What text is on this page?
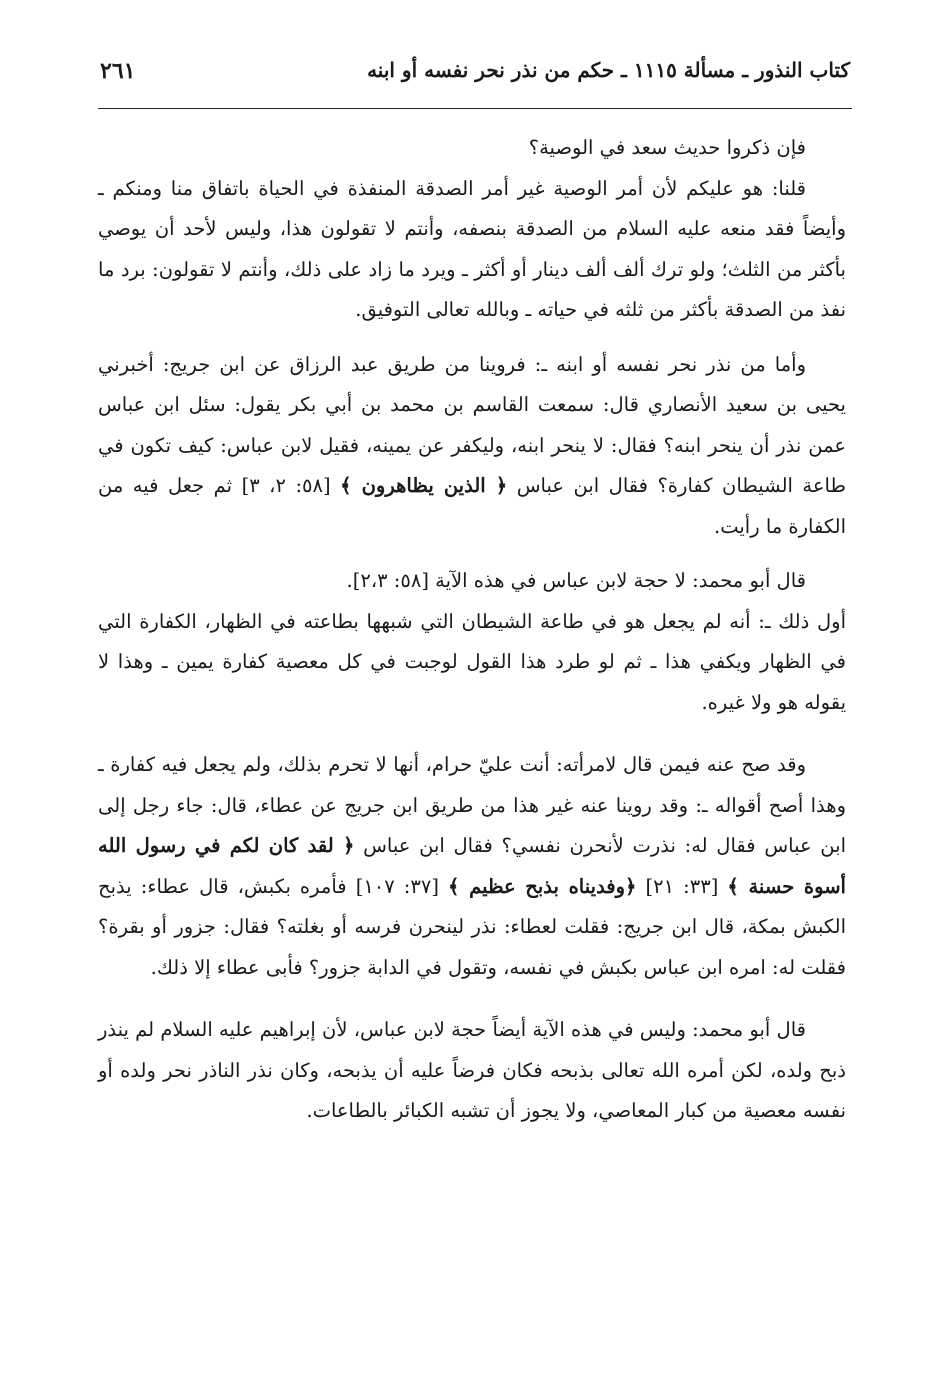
كتاب النذور ـ مسألة ١١١٥ ـ حكم من نذر نحر نفسه أو ابنه
٢٦١

فإن ذكروا حديث سعد في الوصية؟

قلنا: هو عليكم لأن أمر الوصية غير أمر الصدقة المنفذة في الحياة باتفاق منا ومنكم ـ وأيضاً فقد منعه عليه السلام من الصدقة بنصفه، وأنتم لا تقولون هذا، وليس لأحد أن يوصي بأكثر من الثلث؛ ولو ترك ألف ألف دينار أو أكثر ـ ويرد ما زاد على ذلك، وأنتم لا تقولون: برد ما نفذ من الصدقة بأكثر من ثلثه في حياته ـ وبالله تعالى التوفيق.

وأما من نذر نحر نفسه أو ابنه ـ: فروينا من طريق عبد الرزاق عن ابن جريج: أخبرني يحيى بن سعيد الأنصاري قال: سمعت القاسم بن محمد بن أبي بكر يقول: سئل ابن عباس عمن نذر أن ينحر ابنه؟ فقال: لا ينحر ابنه، وليكفر عن يمينه، فقيل لابن عباس: كيف تكون في طاعة الشيطان كفارة؟ فقال ابن عباس ﴿ الذين يظاهرون ﴾ [٥٨: ٢، ٣] ثم جعل فيه من الكفارة ما رأيت.

قال أبو محمد: لا حجة لابن عباس في هذه الآية [٥٨: ٢،٣].

أول ذلك ـ: أنه لم يجعل هو في طاعة الشيطان التي شبهها بطاعته في الظهار، الكفارة التي في الظهار ويكفي هذا ـ ثم لو طرد هذا القول لوجبت في كل معصية كفارة يمين ـ وهذا لا يقوله هو ولا غيره.

وقد صح عنه فيمن قال لامرأته: أنت عليّ حرام، أنها لا تحرم بذلك، ولم يجعل فيه كفارة ـ وهذا أصح أقواله ـ: وقد روينا عنه غير هذا من طريق ابن جريج عن عطاء، قال: جاء رجل إلى ابن عباس فقال له: نذرت لأنحرن نفسي؟ فقال ابن عباس ﴿ لقد كان لكم في رسول الله أسوة حسنة ﴾ [٣٣: ٢١] ﴿وفديناه بذبح عظيم ﴾ [٣٧: ١٠٧] فأمره بكبش، قال عطاء: يذبح الكبش بمكة، قال ابن جريج: فقلت لعطاء: نذر لينحرن فرسه أو بغلته؟ فقال: جزور أو بقرة؟ فقلت له: امره ابن عباس بكبش في نفسه، وتقول في الدابة جزور؟ فأبى عطاء إلا ذلك.

قال أبو محمد: وليس في هذه الآية أيضاً حجة لابن عباس، لأن إبراهيم عليه السلام لم ينذر ذبح ولده، لكن أمره الله تعالى بذبحه فكان فرضاً عليه أن يذبحه، وكان نذر الناذر نحر ولده أو نفسه معصية من كبار المعاصي، ولا يجوز أن تشبه الكبائر بالطاعات.
